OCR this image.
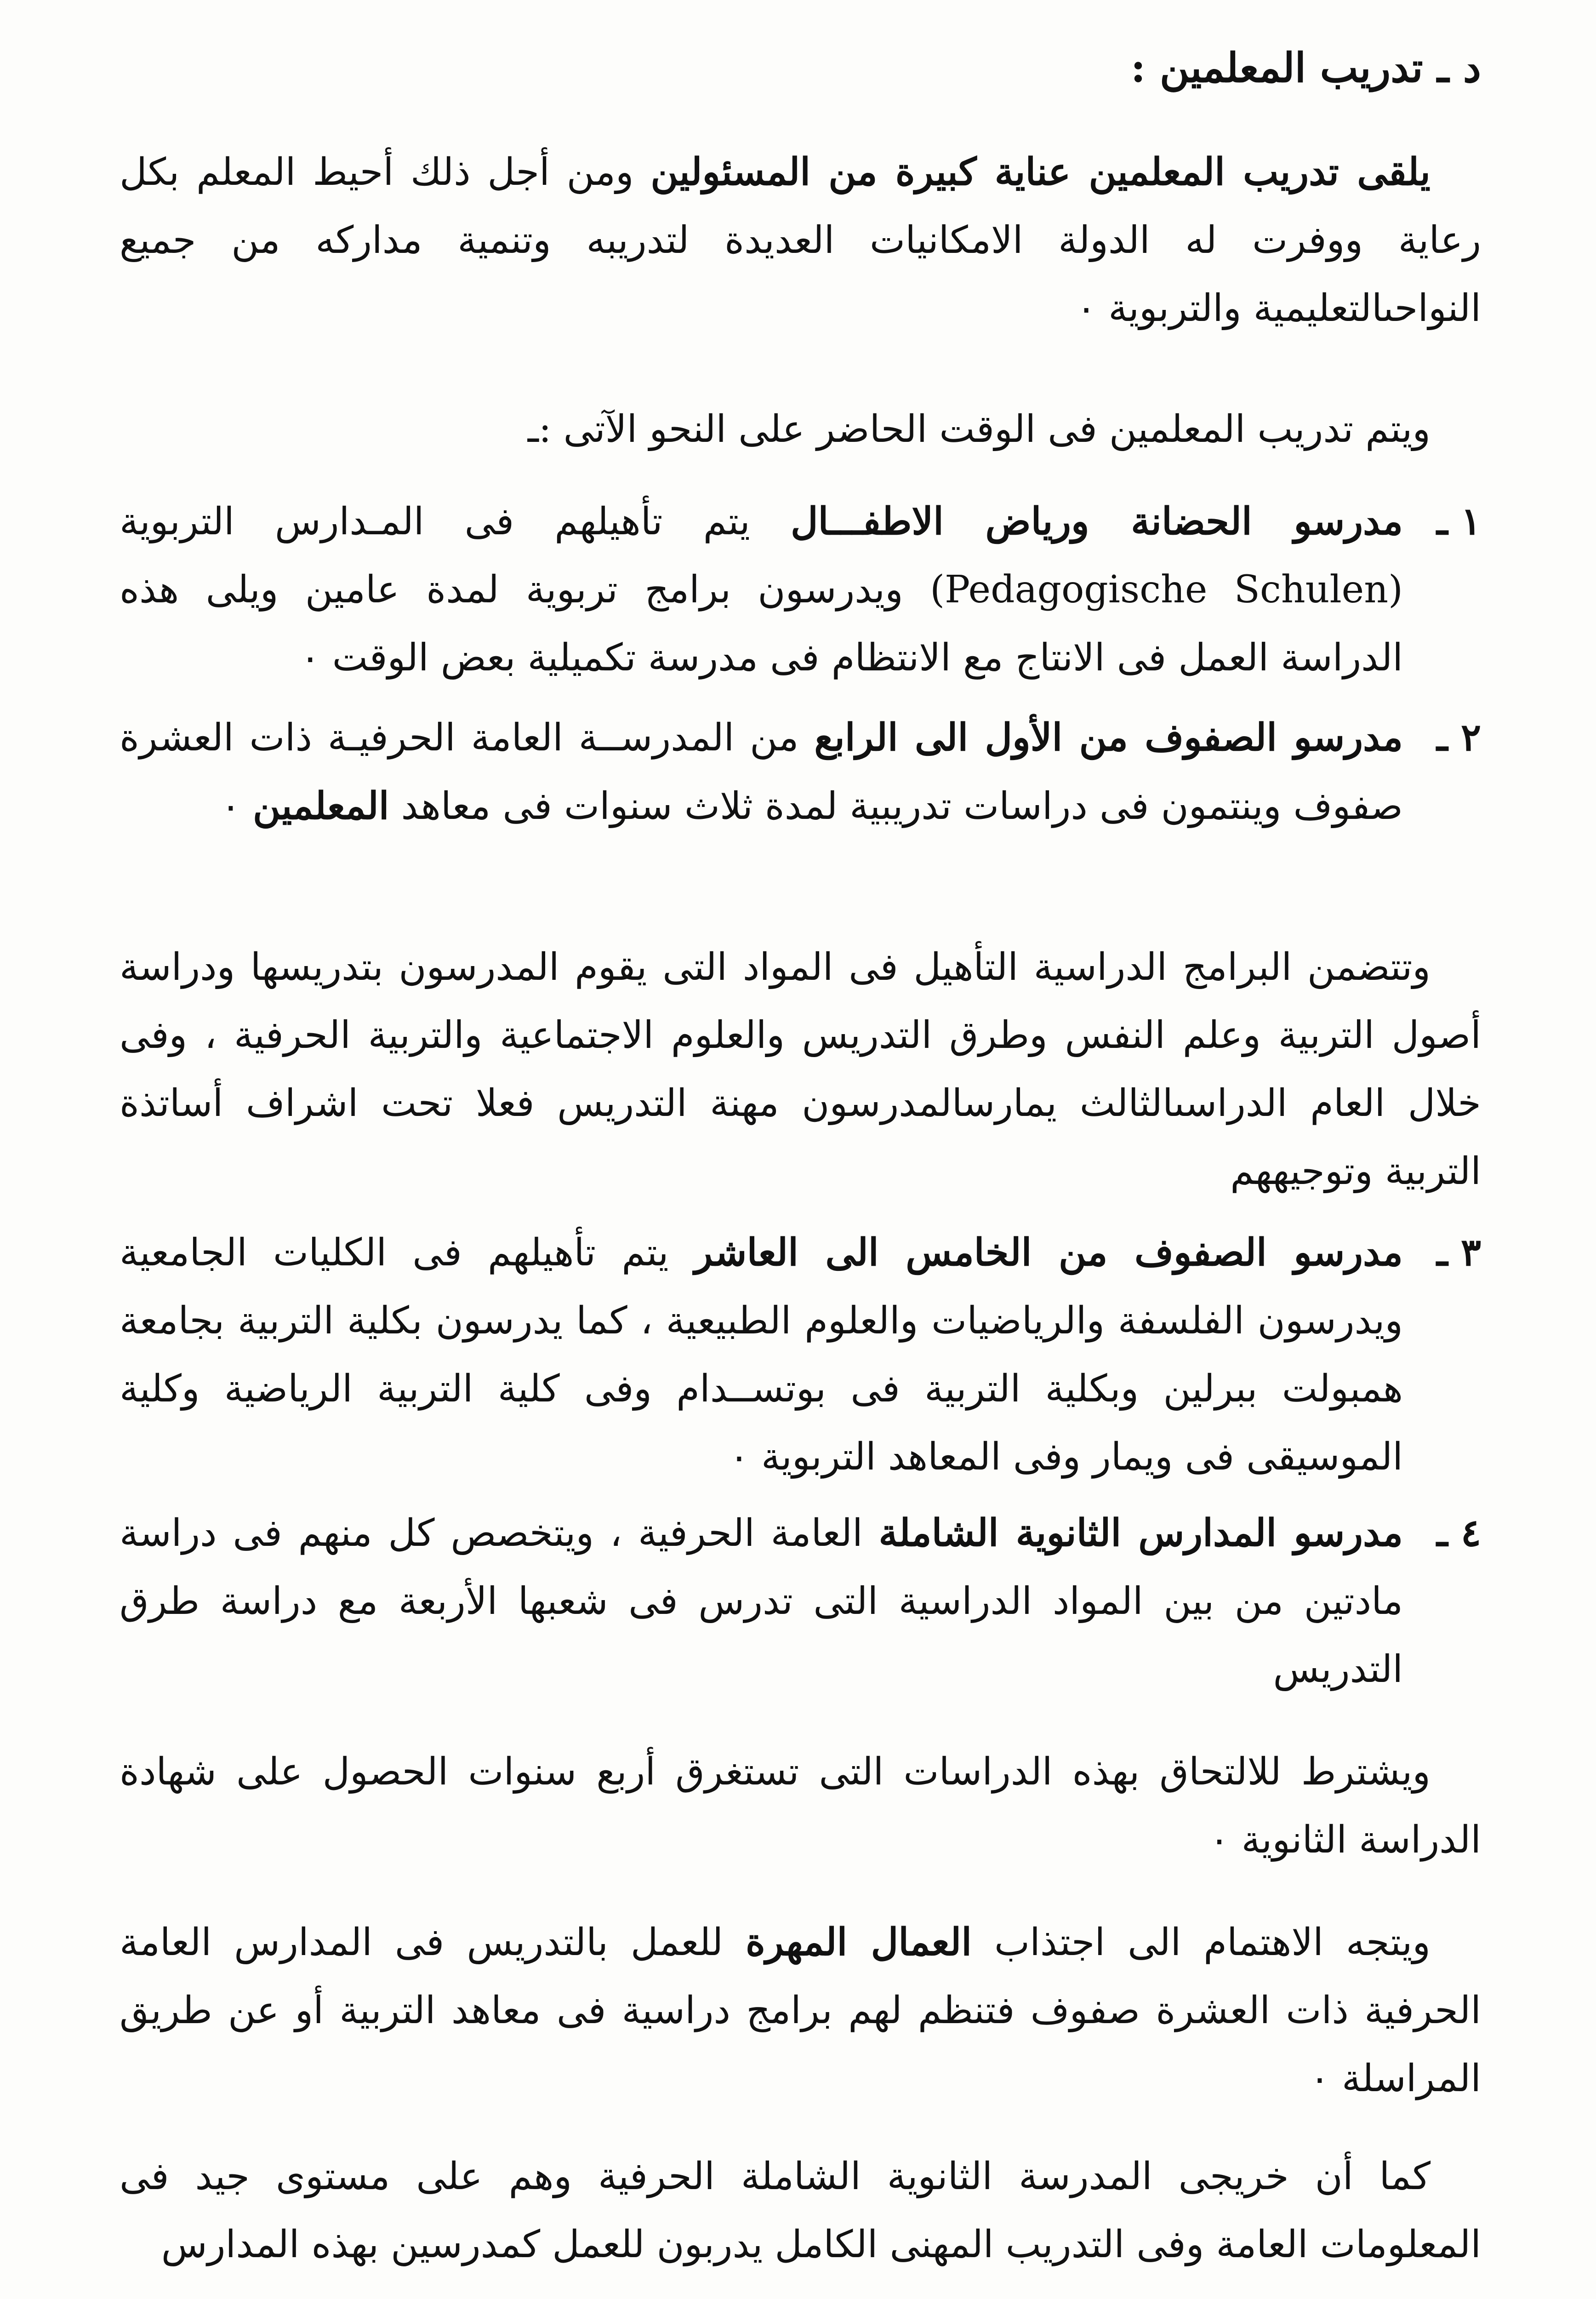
د ـ تدريب المعلمين :

يلقى تدريب المعلمين عناية كبيرة من المسئولين ومن أجل ذلك أحيط المعلم بكل رعاية ووفرت له الدولة الامكانيات العديدة لتدريبه وتنمية مداركه من جميع النواحىالتعليمية والتربوية ٠

ويتم تدريب المعلمين فى الوقت الحاضر على النحو الآتى :ـ

١ ـ

مدرسو الحضانة ورياض الاطفـــال يتم تأهيلهم فى المـدارس التربوية (Pedagogische Schulen) ويدرسون برامج تربوية لمدة عامين ويلى هذه الدراسة العمل فى الانتاج مع الانتظام فى مدرسة تكميلية بعض الوقت ٠

٢ ـ

مدرسو الصفوف من الأول الى الرابع من المدرســة العامة الحرفيـة ذات العشرة صفوف وينتمون فى دراسات تدريبية لمدة ثلاث سنوات فى معاهد المعلمين ٠

وتتضمن البرامج الدراسية التأهيل فى المواد التى يقوم المدرسون بتدريسها ودراسة أصول التربية وعلم النفس وطرق التدريس والعلوم الاجتماعية والتربية الحرفية ، وفى خلال العام الدراسىالثالث يمارسالمدرسون مهنة التدريس فعلا تحت اشراف أساتذة التربية وتوجيههم

٣ ـ

مدرسو الصفوف من الخامس الى العاشر يتم تأهيلهم فى الكليات الجامعية ويدرسون الفلسفة والرياضيات والعلوم الطبيعية ، كما يدرسون بكلية التربية بجامعة همبولت ببرلين وبكلية التربية فى بوتســدام وفى كلية التربية الرياضية وكلية الموسيقى فى ويمار وفى المعاهد التربوية ٠

٤ ـ

مدرسو المدارس الثانوية الشاملة العامة الحرفية ، ويتخصص كل منهم فى دراسة مادتين من بين المواد الدراسية التى تدرس فى شعبها الأربعة مع دراسة طرق التدريس

ويشترط للالتحاق بهذه الدراسات التى تستغرق أربع سنوات الحصول على شهادة الدراسة الثانوية ٠

ويتجه الاهتمام الى اجتذاب العمال المهرة للعمل بالتدريس فى المدارس العامة الحرفية ذات العشرة صفوف فتنظم لهم برامج دراسية فى معاهد التربية أو عن طريق المراسلة ٠

كما أن خريجى المدرسة الثانوية الشاملة الحرفية وهم على مستوى جيد فى المعلومات العامة وفى التدريب المهنى الكامل يدربون للعمل كمدرسين بهذه المدارس
